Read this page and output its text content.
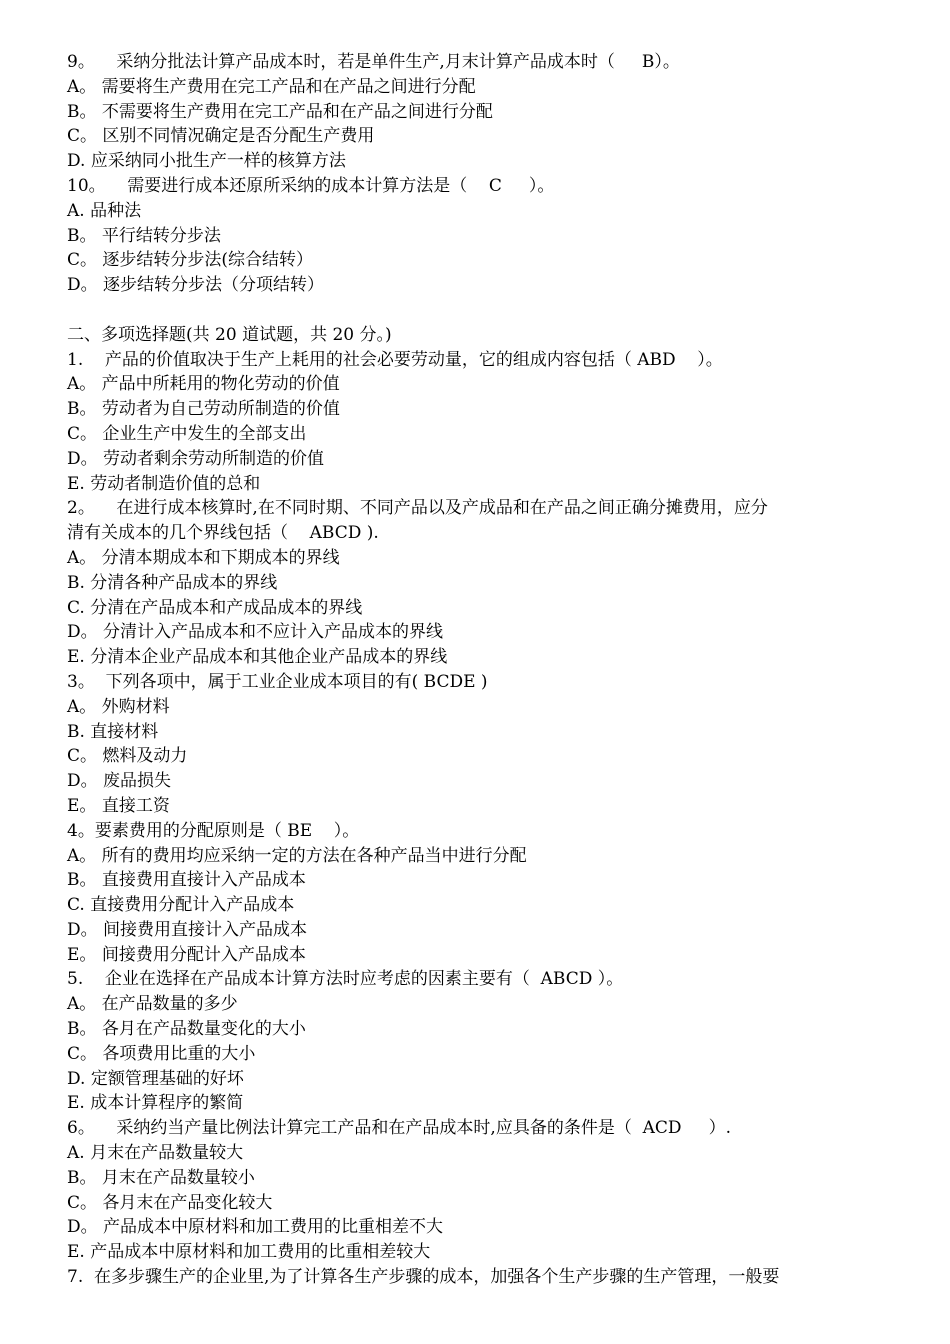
9。    采纳分批法计算产品成本时，若是单件生产,月末计算产品成本时（     B）。
A。 需要将生产费用在完工产品和在产品之间进行分配
B。 不需要将生产费用在完工产品和在产品之间进行分配
C。 区别不同情况确定是否分配生产费用
D. 应采纳同小批生产一样的核算方法
10。    需要进行成本还原所采纳的成本计算方法是（    C     ）。
A. 品种法
B。 平行结转分步法
C。 逐步结转分步法(综合结转）
D。 逐步结转分步法（分项结转）
二、多项选择题(共 20 道试题，共 20 分。)
1.    产品的价值取决于生产上耗用的社会必要劳动量，它的组成内容包括（ ABD    ）。
A。 产品中所耗用的物化劳动的价值
B。 劳动者为自己劳动所制造的价值
C。 企业生产中发生的全部支出
D。 劳动者剩余劳动所制造的价值
E. 劳动者制造价值的总和
2。    在进行成本核算时,在不同时期、不同产品以及产成品和在产品之间正确分摊费用，应分
清有关成本的几个界线包括（    ABCD ).
A。 分清本期成本和下期成本的界线
B. 分清各种产品成本的界线
C. 分清在产品成本和产成品成本的界线
D。 分清计入产品成本和不应计入产品成本的界线
E. 分清本企业产品成本和其他企业产品成本的界线
3。  下列各项中，属于工业企业成本项目的有( BCDE )
A。 外购材料
B. 直接材料
C。 燃料及动力
D。 废品损失
E。 直接工资
4。要素费用的分配原则是（ BE    ）。
A。 所有的费用均应采纳一定的方法在各种产品当中进行分配
B。 直接费用直接计入产品成本
C. 直接费用分配计入产品成本
D。 间接费用直接计入产品成本
E。 间接费用分配计入产品成本
5.    企业在选择在产品成本计算方法时应考虑的因素主要有（  ABCD ）。
A。 在产品数量的多少
B。 各月在产品数量变化的大小
C。 各项费用比重的大小
D. 定额管理基础的好坏
E. 成本计算程序的繁简
6。    采纳约当产量比例法计算完工产品和在产品成本时,应具备的条件是（  ACD     ）.
A. 月末在产品数量较大
B。 月末在产品数量较小
C。 各月末在产品变化较大
D。 产品成本中原材料和加工费用的比重相差不大
E. 产品成本中原材料和加工费用的比重相差较大
7.  在多步骤生产的企业里,为了计算各生产步骤的成本，加强各个生产步骤的生产管理，一般要
